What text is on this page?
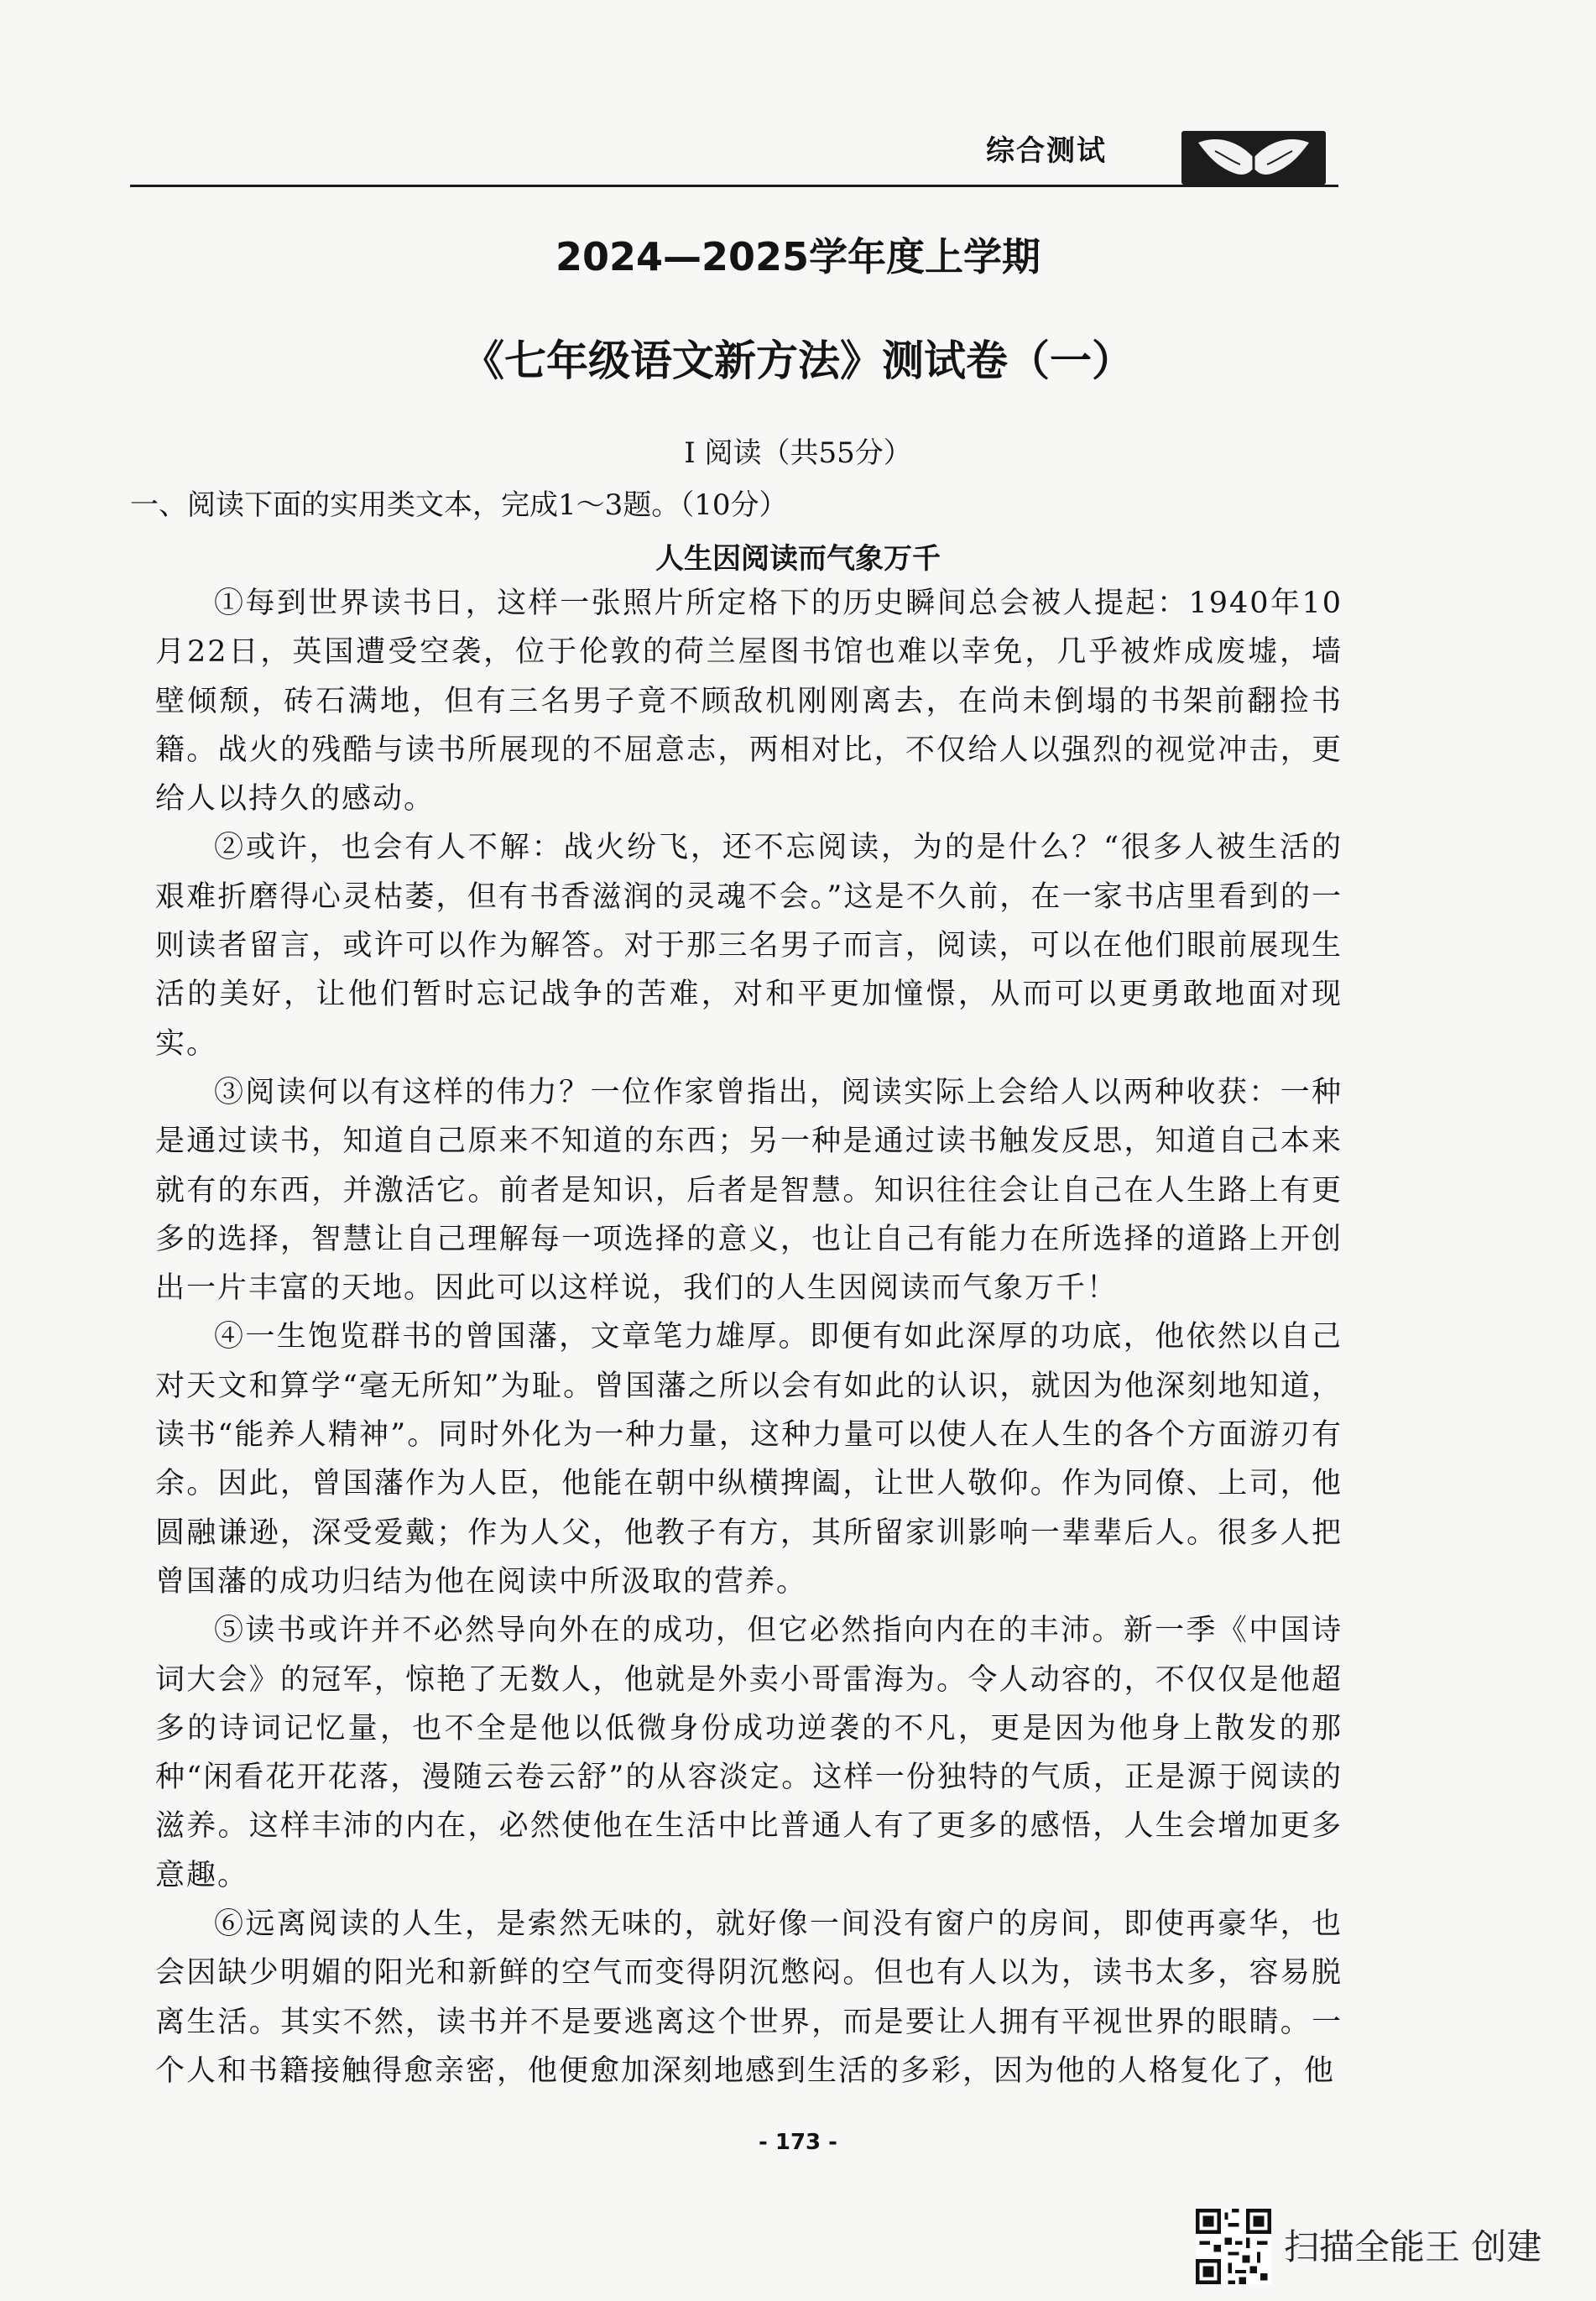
综合测试
2024—2025学年度上学期
《七年级语文新方法》测试卷（一）
Ⅰ 阅读（共55分）
一、阅读下面的实用类文本，完成1～3题。（10分）
人生因阅读而气象万千

①每到世界读书日，这样一张照片所定格下的历史瞬间总会被人提起：1940年10月22日，英国遭受空袭，位于伦敦的荷兰屋图书馆也难以幸免，几乎被炸成废墟，墙壁倾颓，砖石满地，但有三名男子竟不顾敌机刚刚离去，在尚未倒塌的书架前翻捡书籍。战火的残酷与读书所展现的不屈意志，两相对比，不仅给人以强烈的视觉冲击，更给人以持久的感动。

②或许，也会有人不解：战火纷飞，还不忘阅读，为的是什么？“很多人被生活的艰难折磨得心灵枯萎，但有书香滋润的灵魂不会。”这是不久前，在一家书店里看到的一则读者留言，或许可以作为解答。对于那三名男子而言，阅读，可以在他们眼前展现生活的美好，让他们暂时忘记战争的苦难，对和平更加憧憬，从而可以更勇敢地面对现实。

③阅读何以有这样的伟力？一位作家曾指出，阅读实际上会给人以两种收获：一种是通过读书，知道自己原来不知道的东西；另一种是通过读书触发反思，知道自己本来就有的东西，并激活它。前者是知识，后者是智慧。知识往往会让自己在人生路上有更多的选择，智慧让自己理解每一项选择的意义，也让自己有能力在所选择的道路上开创出一片丰富的天地。因此可以这样说，我们的人生因阅读而气象万千！

④一生饱览群书的曾国藩，文章笔力雄厚。即便有如此深厚的功底，他依然以自己对天文和算学“毫无所知”为耻。曾国藩之所以会有如此的认识，就因为他深刻地知道，读书“能养人精神”。同时外化为一种力量，这种力量可以使人在人生的各个方面游刃有余。因此，曾国藩作为人臣，他能在朝中纵横捭阖，让世人敬仰。作为同僚、上司，他圆融谦逊，深受爱戴；作为人父，他教子有方，其所留家训影响一辈辈后人。很多人把曾国藩的成功归结为他在阅读中所汲取的营养。

⑤读书或许并不必然导向外在的成功，但它必然指向内在的丰沛。新一季《中国诗词大会》的冠军，惊艳了无数人，他就是外卖小哥雷海为。令人动容的，不仅仅是他超多的诗词记忆量，也不全是他以低微身份成功逆袭的不凡，更是因为他身上散发的那种“闲看花开花落，漫随云卷云舒”的从容淡定。这样一份独特的气质，正是源于阅读的滋养。这样丰沛的内在，必然使他在生活中比普通人有了更多的感悟，人生会增加更多意趣。

⑥远离阅读的人生，是索然无味的，就好像一间没有窗户的房间，即使再豪华，也会因缺少明媚的阳光和新鲜的空气而变得阴沉憋闷。但也有人以为，读书太多，容易脱离生活。其实不然，读书并不是要逃离这个世界，而是要让人拥有平视世界的眼睛。一个人和书籍接触得愈亲密，他便愈加深刻地感到生活的多彩，因为他的人格复化了，他

- 173 -
扫描全能王 创建
